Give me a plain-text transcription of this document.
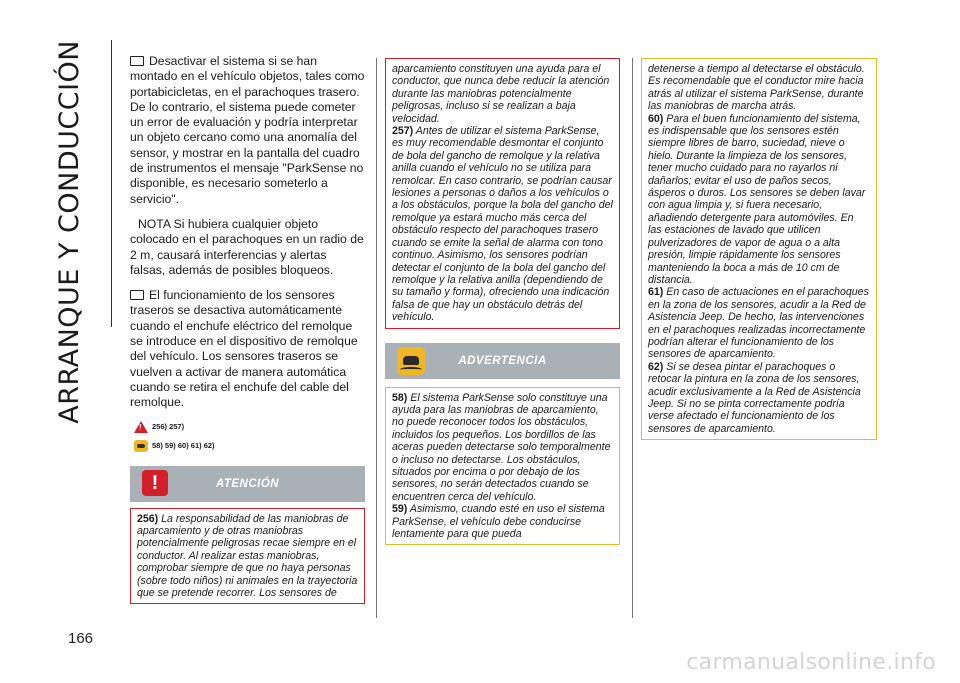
ARRANQUE Y CONDUCCIÓN	Desactivar el sistema si se han montado en el vehículo objetos, tales como portabicicletas, en el parachoques trasero. De lo contrario, el sistema puede cometer un error de evaluación y podría interpretar un objeto cercano como una anomalía del sensor, y mostrar en la pantalla del cuadro de instrumentos el mensaje "ParkSense no disponible, es necesario someterlo a servicio".

NOTA Si hubiera cualquier objeto colocado en el parachoques en un radio de 2 m, causará interferencias y alertas falsas, además de posibles bloqueos.

El funcionamiento de los sensores traseros se desactiva automáticamente cuando el enchufe eléctrico del remolque se introduce en el dispositivo de remolque del vehículo. Los sensores traseros se vuelven a activar de manera automática cuando se retira el enchufe del cable del remolque.

!
256) 257)
58) 59) 60) 61) 62)
!
ATENCIÓN

256) La responsabilidad de las maniobras de aparcamiento y de otras maniobras potencialmente peligrosas recae siempre en el conductor. Al realizar estas maniobras, comprobar siempre de que no haya personas (sobre todo niños) ni animales en la trayectoria que se pretende recorrer. Los sensores de

aparcamiento constituyen una ayuda para el conductor, que nunca debe reducir la atención durante las maniobras potencialmente peligrosas, incluso si se realizan a baja velocidad.

257) Antes de utilizar el sistema ParkSense, es muy recomendable desmontar el conjunto de bola del gancho de remolque y la relativa anilla cuando el vehículo no se utiliza para remolcar. En caso contrario, se podrían causar lesiones a personas o daños a los vehículos o a los obstáculos, porque la bola del gancho del remolque ya estará mucho más cerca del obstáculo respecto del parachoques trasero cuando se emite la señal de alarma con tono continuo. Asimismo, los sensores podrían detectar el conjunto de la bola del gancho del remolque y la relativa anilla (dependiendo de su tamaño y forma), ofreciendo una indicación falsa de que hay un obstáculo detrás del vehículo.

ADVERTENCIA

58) El sistema ParkSense solo constituye una ayuda para las maniobras de aparcamiento, no puede reconocer todos los obstáculos, incluidos los pequeños. Los bordillos de las aceras pueden detectarse solo temporalmente o incluso no detectarse. Los obstáculos, situados por encima o por debajo de los sensores, no serán detectados cuando se encuentren cerca del vehículo.

59) Asimismo, cuando esté en uso el sistema ParkSense, el vehículo debe conducirse lentamente para que pueda

detenerse a tiempo al detectarse el obstáculo. Es recomendable que el conductor mire hacia atrás al utilizar el sistema ParkSense, durante las maniobras de marcha atrás.

60) Para el buen funcionamiento del sistema, es indispensable que los sensores estén siempre libres de barro, suciedad, nieve o hielo. Durante la limpieza de los sensores, tener mucho cuidado para no rayarlos ni dañarlos; evitar el uso de paños secos, ásperos o duros. Los sensores se deben lavar con agua limpia y, si fuera necesario, añadiendo detergente para automóviles. En las estaciones de lavado que utilicen pulverizadores de vapor de agua o a alta presión, limpie rápidamente los sensores manteniendo la boca a más de 10 cm de distancia.

61) En caso de actuaciones en el parachoques en la zona de los sensores, acudir a la Red de Asistencia Jeep. De hecho, las intervenciones en el parachoques realizadas incorrectamente podrían alterar el funcionamiento de los sensores de aparcamiento.

62) Si se desea pintar el parachoques o retocar la pintura en la zona de los sensores, acudir exclusivamente a la Red de Asistencia Jeep. Si no se pinta correctamente podría verse afectado el funcionamiento de los sensores de aparcamiento.

166
carmanualsonline.info
